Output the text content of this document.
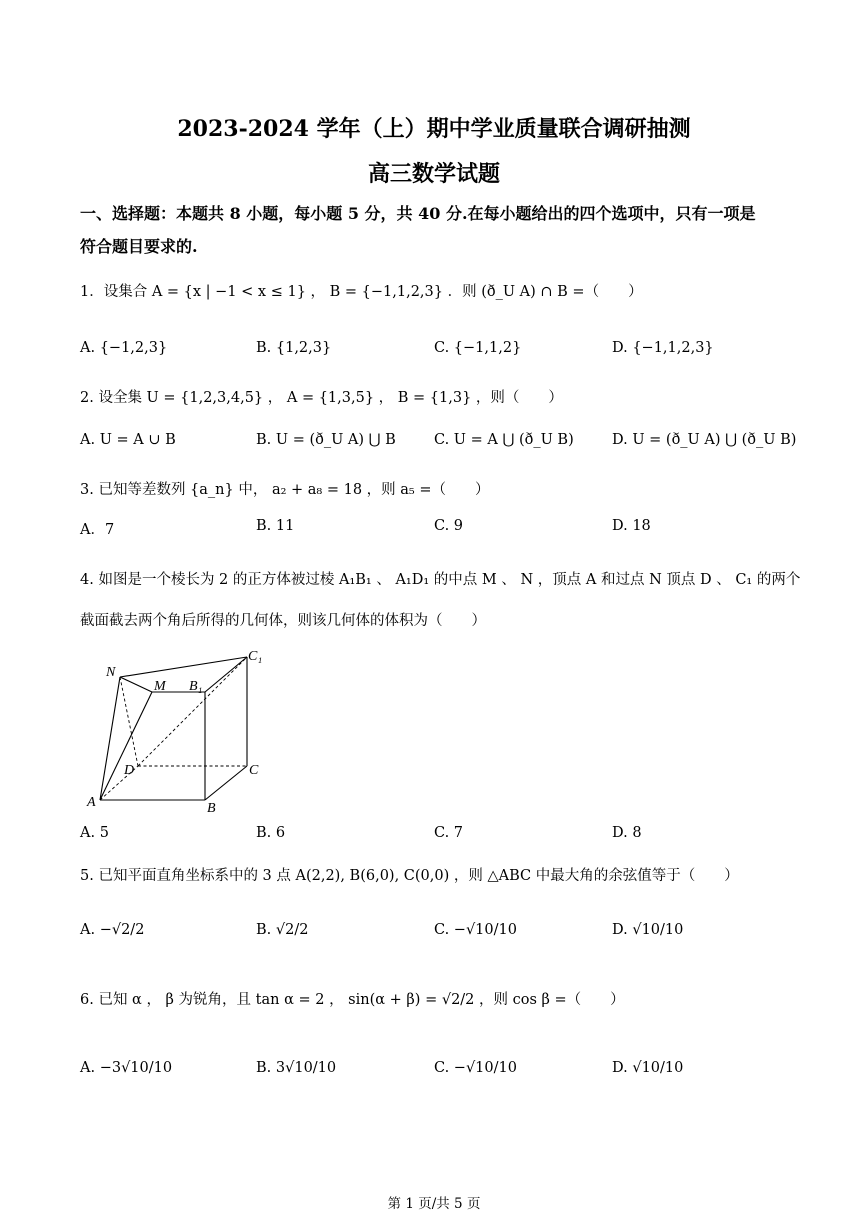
2023-2024 学年（上）期中学业质量联合调研抽测
高三数学试题
一、选择题：本题共 8 小题，每小题 5 分，共 40 分.在每小题给出的四个选项中，只有一项是
符合题目要求的.
1．设集合 A = {x | −1 < x ≤ 1} ， B = {−1,1,2,3} ．则 (ð_U A) ∩ B =（　　）
A. {−1,2,3}	B. {1,2,3}	C. {−1,1,2}	D. {−1,1,2,3}
2. 设全集 U = {1,2,3,4,5} ， A = {1,3,5} ， B = {1,3} ，则（　　）
A. U = A ∪ B	B. U = (ð_U A) ⋃ B	C. U = A ⋃ (ð_U B)	D. U = (ð_U A) ⋃ (ð_U B)
3. 已知等差数列 {a_n} 中， a₂ + a₈ = 18 ，则 a₅ =（　　）
A．7	B. 11	C. 9	D. 18
4. 如图是一个棱长为 2 的正方体被过棱 A₁B₁ 、 A₁D₁ 的中点 M 、 N ，顶点 A 和过点 N 顶点 D 、 C₁ 的两个
截面截去两个角后所得的几何体，则该几何体的体积为（　　）
N
M B₁
C₁
D	C
A	B
A. 5	B. 6	C. 7	D. 8
5. 已知平面直角坐标系中的 3 点 A(2,2), B(6,0), C(0,0) ，则 △ABC 中最大角的余弦值等于（　　）
A. −√2/2	B. √2/2	C. −√10/10	D. √10/10
6. 已知 α ， β 为锐角，且 tan α = 2 ， sin(α + β) = √2/2 ，则 cos β =（　　）
A. −3√10/10	B. 3√10/10	C. −√10/10	D. √10/10
第 1 页/共 5 页
